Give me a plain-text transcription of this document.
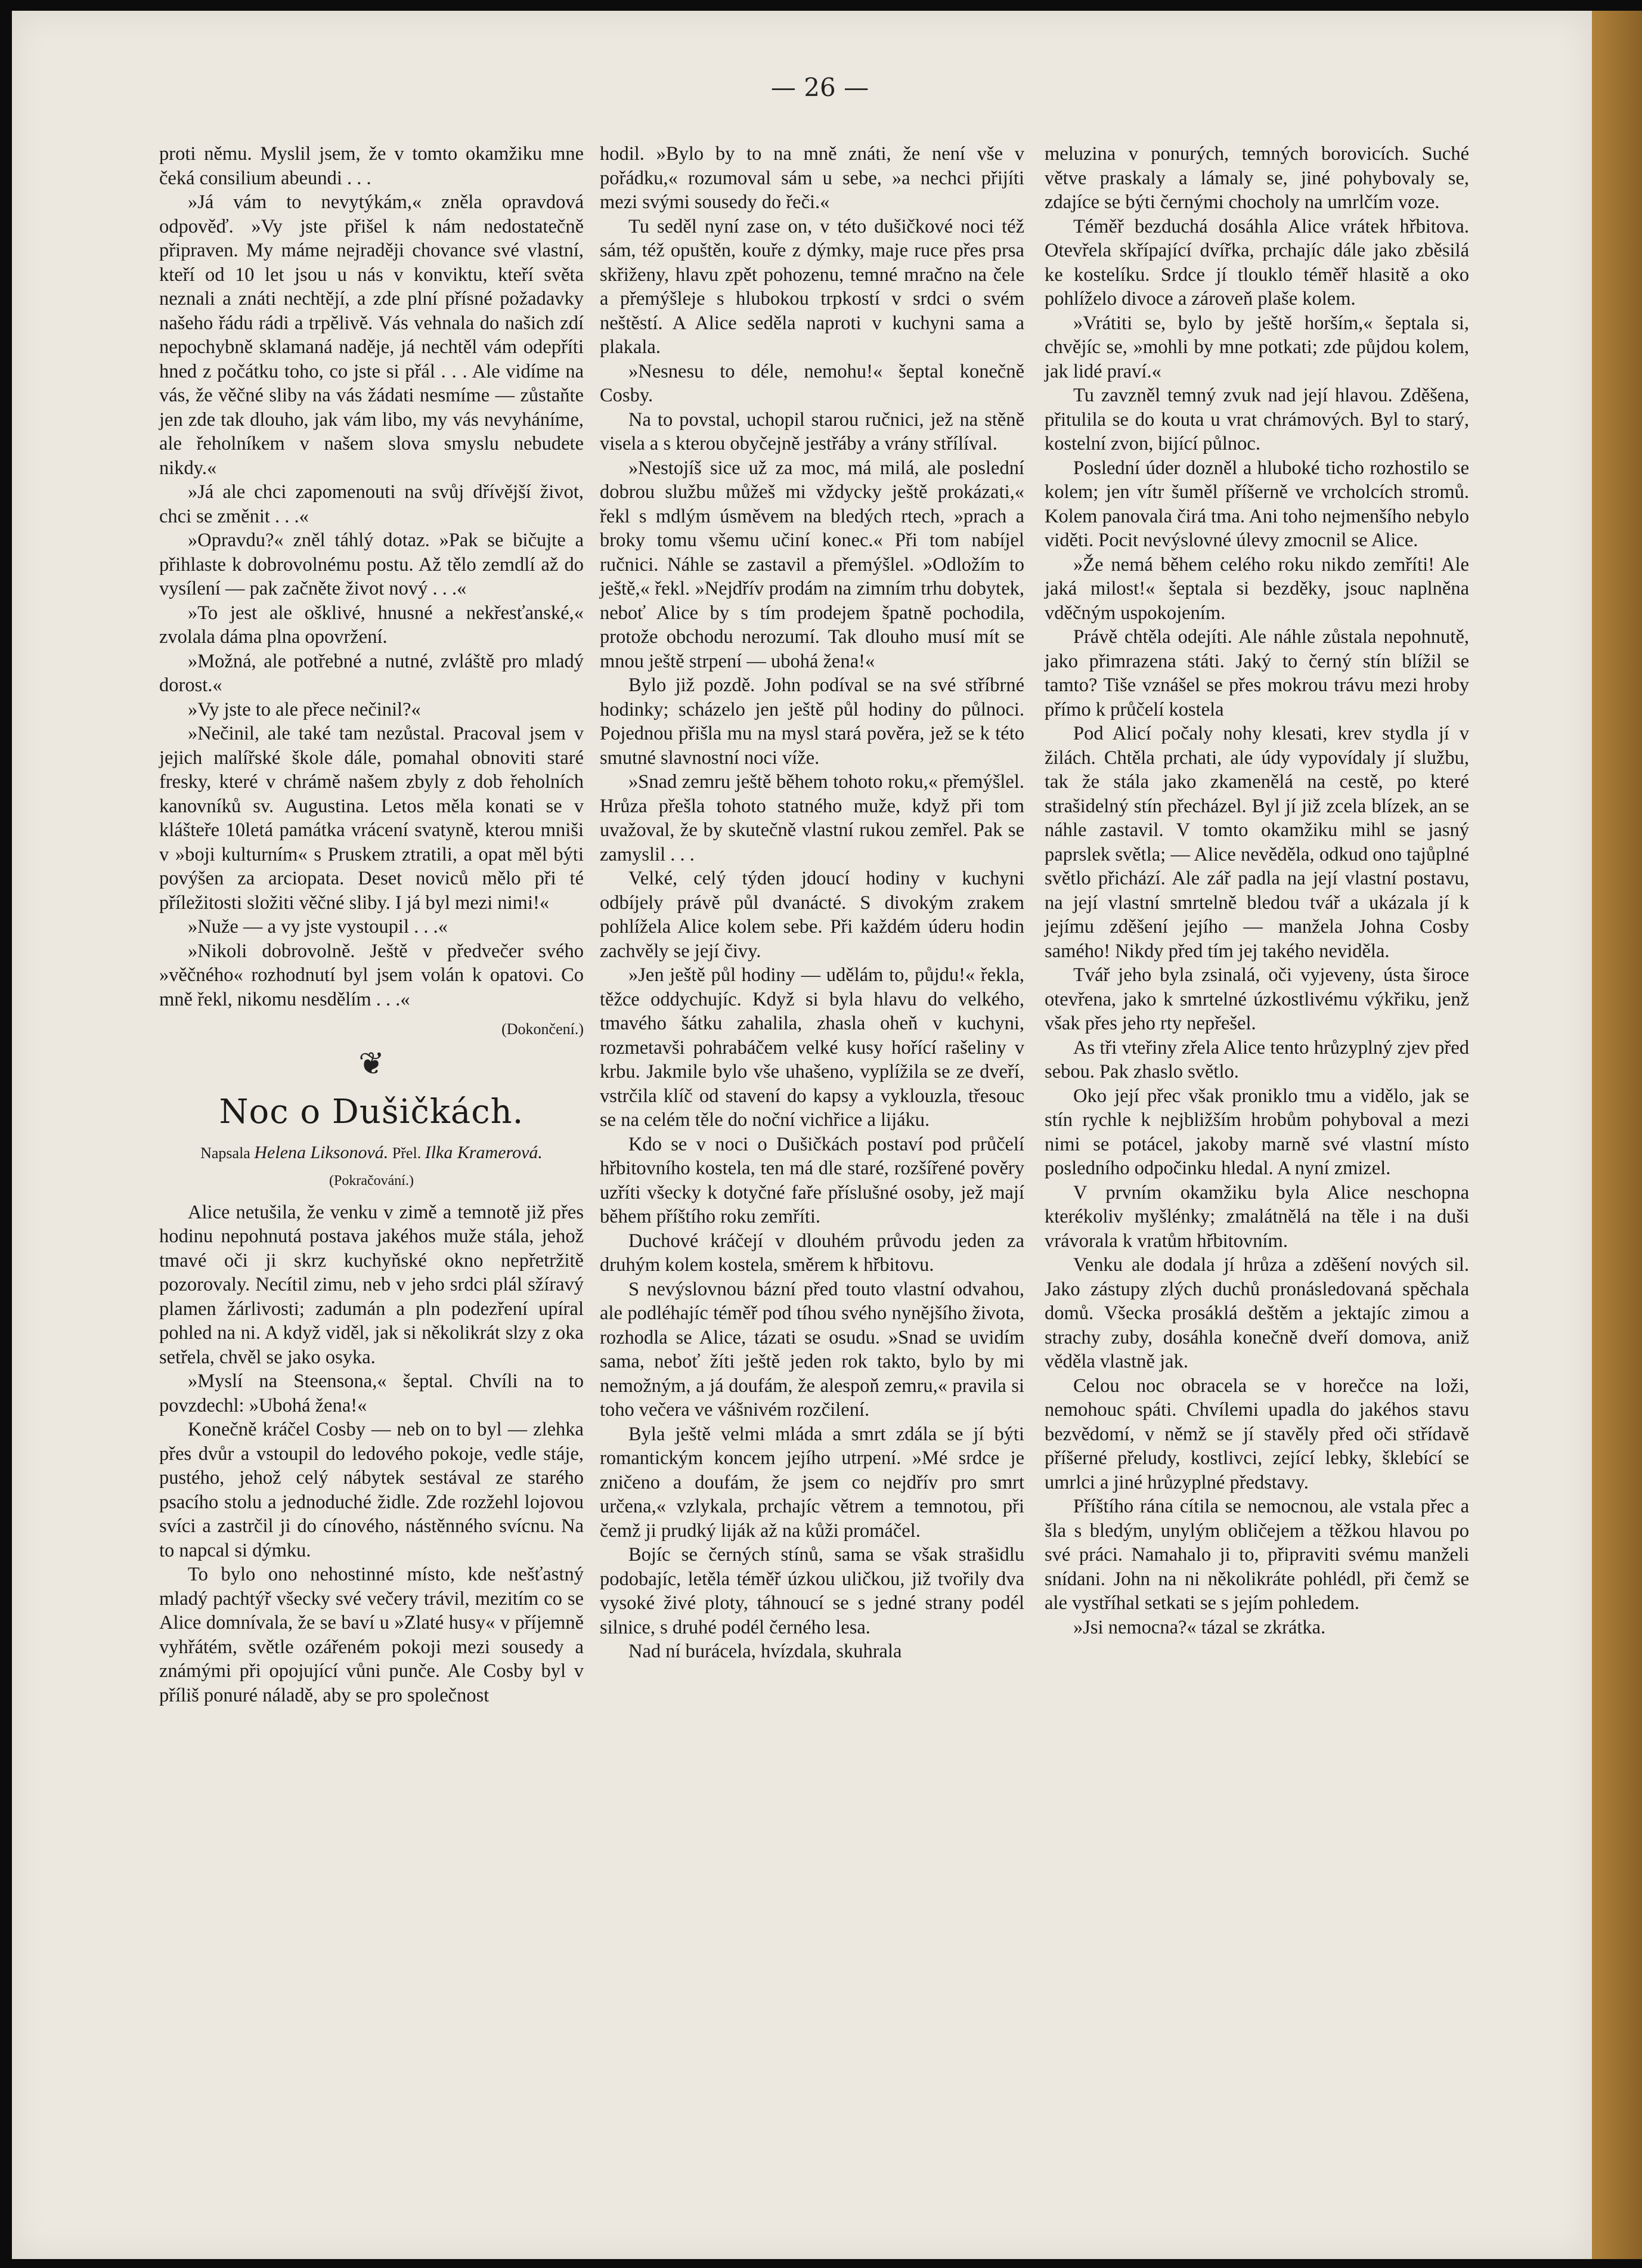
— 26 —

proti němu. Myslil jsem, že v tomto okamžiku mne čeká consilium abeundi . . .

»Já vám to nevytýkám,« zněla opravdová odpověď. »Vy jste přišel k nám nedostatečně připraven. My máme nejraději chovance své vlastní, kteří od 10 let jsou u nás v konviktu, kteří světa neznali a znáti nechtějí, a zde plní přísné požadavky našeho řádu rádi a trpělivě. Vás vehnala do našich zdí nepochybně sklamaná naděje, já nechtěl vám odepříti hned z počátku toho, co jste si přál . . . Ale vidíme na vás, že věčné sliby na vás žádati nesmíme — zůstaňte jen zde tak dlouho, jak vám libo, my vás nevyháníme, ale řeholníkem v našem slova smyslu nebudete nikdy.«

»Já ale chci zapomenouti na svůj dřívější život, chci se změnit . . .«

»Opravdu?« zněl táhlý dotaz. »Pak se bičujte a přihlaste k dobrovolnému postu. Až tělo zemdlí až do vysílení — pak začněte život nový . . .«

»To jest ale ošklivé, hnusné a nekřesťanské,« zvolala dáma plna opovržení.

»Možná, ale potřebné a nutné, zvláště pro mladý dorost.«

»Vy jste to ale přece nečinil?«

»Nečinil, ale také tam nezůstal. Pracoval jsem v jejich malířské škole dále, pomahal obnoviti staré fresky, které v chrámě našem zbyly z dob řeholních kanovníků sv. Augustina. Letos měla konati se v klášteře 10letá památka vrácení svatyně, kterou mniši v »boji kulturním« s Pruskem ztratili, a opat měl býti povýšen za arciopata. Deset noviců mělo při té příležitosti složiti věčné sliby. I já byl mezi nimi!«

»Nuže — a vy jste vystoupil . . .«

»Nikoli dobrovolně. Ještě v předvečer svého »věčného« rozhodnutí byl jsem volán k opatovi. Co mně řekl, nikomu nesdělím . . .«

(Dokončení.)

❦
Noc o Dušičkách.

Napsala Helena Liksonová. Přel. Ilka Kramerová.

(Pokračování.)

Alice netušila, že venku v zimě a temnotě již přes hodinu nepohnutá postava jakéhos muže stála, jehož tmavé oči ji skrz kuchyňské okno nepřetržitě pozorovaly. Necítil zimu, neb v jeho srdci plál sžíravý plamen žárlivosti; zadumán a pln podezření upíral pohled na ni. A když viděl, jak si několikrát slzy z oka setřela, chvěl se jako osyka.

»Myslí na Steensona,« šeptal. Chvíli na to povzdechl: »Ubohá žena!«

Konečně kráčel Cosby — neb on to byl — zlehka přes dvůr a vstoupil do ledového pokoje, vedle stáje, pustého, jehož celý nábytek sestával ze starého psacího stolu a jednoduché židle. Zde rozžehl lojovou svíci a zastrčil ji do cínového, nástěnného svícnu. Na to napcal si dýmku.

To bylo ono nehostinné místo, kde nešťastný mladý pachtýř všecky své večery trávil, mezitím co se Alice domnívala, že se baví u »Zlaté husy« v příjemně vyhřátém, světle ozářeném pokoji mezi sousedy a známými při opojující vůni punče. Ale Cosby byl v příliš ponuré náladě, aby se pro společnost

hodil. »Bylo by to na mně znáti, že není vše v pořádku,« rozumoval sám u sebe, »a nechci přijíti mezi svými sousedy do řeči.«

Tu seděl nyní zase on, v této dušičkové noci též sám, též opuštěn, kouře z dýmky, maje ruce přes prsa skřiženy, hlavu zpět pohozenu, temné mračno na čele a přemýšleje s hlubokou trpkostí v srdci o svém neštěstí. A Alice seděla naproti v kuchyni sama a plakala.

»Nesnesu to déle, nemohu!« šeptal konečně Cosby.

Na to povstal, uchopil starou ručnici, jež na stěně visela a s kterou obyčejně jestřáby a vrány střílíval.

»Nestojíš sice už za moc, má milá, ale poslední dobrou službu můžeš mi vždycky ještě prokázati,« řekl s mdlým úsměvem na bledých rtech, »prach a broky tomu všemu učiní konec.« Při tom nabíjel ručnici. Náhle se zastavil a přemýšlel. »Odložím to ještě,« řekl. »Nejdřív prodám na zimním trhu dobytek, neboť Alice by s tím prodejem špatně pochodila, protože obchodu nerozumí. Tak dlouho musí mít se mnou ještě strpení — ubohá žena!«

Bylo již pozdě. John podíval se na své stříbrné hodinky; scházelo jen ještě půl hodiny do půlnoci. Pojednou přišla mu na mysl stará pověra, jež se k této smutné slavnostní noci víže.

»Snad zemru ještě během tohoto roku,« přemýšlel. Hrůza přešla tohoto statného muže, když při tom uvažoval, že by skutečně vlastní rukou zemřel. Pak se zamyslil . . .

Velké, celý týden jdoucí hodiny v kuchyni odbíjely právě půl dvanácté. S divokým zrakem pohlížela Alice kolem sebe. Při každém úderu hodin zachvěly se její čivy.

»Jen ještě půl hodiny — udělám to, půjdu!« řekla, těžce oddychujíc. Když si byla hlavu do velkého, tmavého šátku zahalila, zhasla oheň v kuchyni, rozmetavši pohrabáčem velké kusy hořící rašeliny v krbu. Jakmile bylo vše uhašeno, vyplížila se ze dveří, vstrčila klíč od stavení do kapsy a vyklouzla, třesouc se na celém těle do noční vichřice a lijáku.

Kdo se v noci o Dušičkách postaví pod průčelí hřbitovního kostela, ten má dle staré, rozšířené pověry uzříti všecky k dotyčné faře příslušné osoby, jež mají během příštího roku zemříti.

Duchové kráčejí v dlouhém průvodu jeden za druhým kolem kostela, směrem k hřbitovu.

S nevýslovnou bázní před touto vlastní odvahou, ale podléhajíc téměř pod tíhou svého nynějšího života, rozhodla se Alice, tázati se osudu. »Snad se uvidím sama, neboť žíti ještě jeden rok takto, bylo by mi nemožným, a já doufám, že alespoň zemru,« pravila si toho večera ve vášnivém rozčilení.

Byla ještě velmi mláda a smrt zdála se jí býti romantickým koncem jejího utrpení. »Mé srdce je zničeno a doufám, že jsem co nejdřív pro smrt určena,« vzlykala, prchajíc větrem a temnotou, při čemž ji prudký liják až na kůži promáčel.

Bojíc se černých stínů, sama se však strašidlu podobajíc, letěla téměř úzkou uličkou, již tvořily dva vysoké živé ploty, táhnoucí se s jedné strany podél silnice, s druhé podél černého lesa.

Nad ní burácela, hvízdala, skuhrala

meluzina v ponurých, temných borovicích. Suché větve praskaly a lámaly se, jiné pohybovaly se, zdajíce se býti černými chocholy na umrlčím voze.

Téměř bezduchá dosáhla Alice vrátek hřbitova. Otevřela skřípající dvířka, prchajíc dále jako zběsilá ke kostelíku. Srdce jí tlouklo téměř hlasitě a oko pohlíželo divoce a zároveň plaše kolem.

»Vrátiti se, bylo by ještě horším,« šeptala si, chvějíc se, »mohli by mne potkati; zde půjdou kolem, jak lidé praví.«

Tu zavzněl temný zvuk nad její hlavou. Zděšena, přitulila se do kouta u vrat chrámových. Byl to starý, kostelní zvon, bijící půlnoc.

Poslední úder dozněl a hluboké ticho rozhostilo se kolem; jen vítr šuměl příšerně ve vrcholcích stromů. Kolem panovala čirá tma. Ani toho nejmenšího nebylo viděti. Pocit nevýslovné úlevy zmocnil se Alice.

»Že nemá během celého roku nikdo zemříti! Ale jaká milost!« šeptala si bezděky, jsouc naplněna vděčným uspokojením.

Právě chtěla odejíti. Ale náhle zůstala nepohnutě, jako přimrazena státi. Jaký to černý stín blížil se tamto? Tiše vznášel se přes mokrou trávu mezi hroby přímo k průčelí kostela

Pod Alicí počaly nohy klesati, krev stydla jí v žilách. Chtěla prchati, ale údy vypovídaly jí službu, tak že stála jako zkamenělá na cestě, po které strašidelný stín přecházel. Byl jí již zcela blízek, an se náhle zastavil. V tomto okamžiku mihl se jasný paprslek světla; — Alice nevěděla, odkud ono tajůplné světlo přichází. Ale zář padla na její vlastní postavu, na její vlastní smrtelně bledou tvář a ukázala jí k jejímu zděšení jejího — manžela Johna Cosby samého! Nikdy před tím jej takého neviděla.

Tvář jeho byla zsinalá, oči vyjeveny, ústa široce otevřena, jako k smrtelné úzkostlivému výkřiku, jenž však přes jeho rty nepřešel.

As tři vteřiny zřela Alice tento hrůzyplný zjev před sebou. Pak zhaslo světlo.

Oko její přec však proniklo tmu a vidělo, jak se stín rychle k nejbližším hrobům pohyboval a mezi nimi se potácel, jakoby marně své vlastní místo posledního odpočinku hledal. A nyní zmizel.

V prvním okamžiku byla Alice neschopna kterékoliv myšlénky; zmalátnělá na těle i na duši vrávorala k vratům hřbitovním.

Venku ale dodala jí hrůza a zděšení nových sil. Jako zástupy zlých duchů pronásledovaná spěchala domů. Všecka prosáklá deštěm a jektajíc zimou a strachy zuby, dosáhla konečně dveří domova, aniž věděla vlastně jak.

Celou noc obracela se v horečce na loži, nemohouc spáti. Chvílemi upadla do jakéhos stavu bezvědomí, v němž se jí stavěly před oči střídavě příšerné přeludy, kostlivci, zející lebky, šklebící se umrlci a jiné hrůzyplné představy.

Příštího rána cítila se nemocnou, ale vstala přec a šla s bledým, unylým obličejem a těžkou hlavou po své práci. Namahalo ji to, připraviti svému manželi snídani. John na ni několikráte pohlédl, při čemž se ale vystříhal setkati se s jejím pohledem.

»Jsi nemocna?« tázal se zkrátka.
